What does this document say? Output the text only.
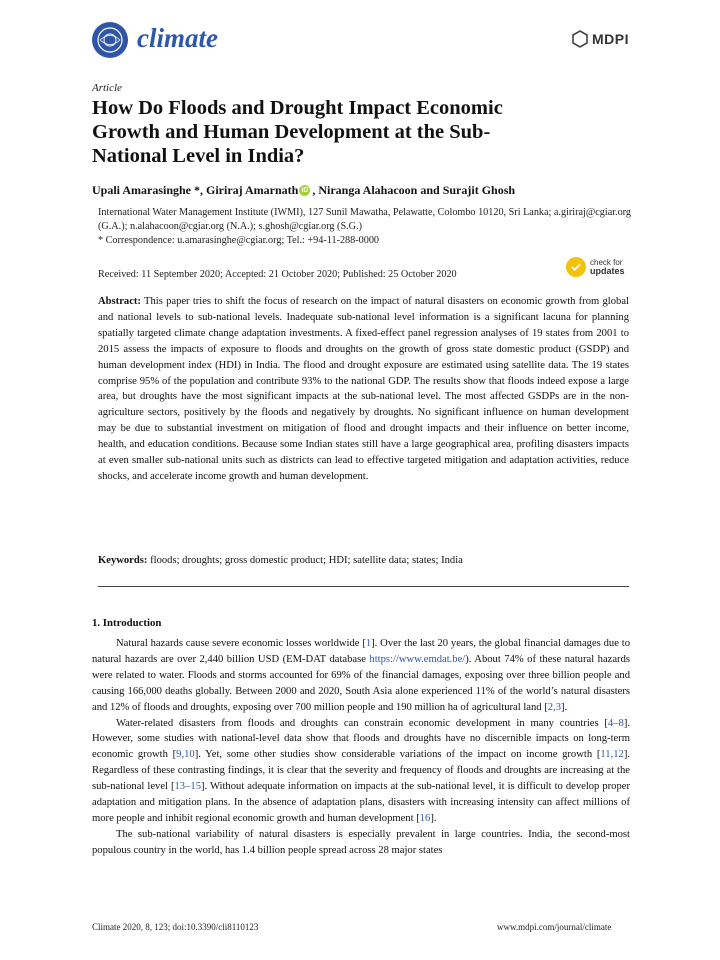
climate	MDPI
Article
How Do Floods and Drought Impact Economic Growth and Human Development at the Sub-National Level in India?
Upali Amarasinghe *,
Giriraj Amarnath iD , Niranga Alahacoon and Surajit Ghosh
International Water Management Institute (IWMI), 127 Sunil Mawatha, Pelawatte, Colombo 10120, Sri Lanka; a.giriraj@cgiar.org (G.A.); n.alahacoon@cgiar.org (N.A.); s.ghosh@cgiar.org (S.G.)
* Correspondence: u.amarasinghe@cgiar.org; Tel.: +94-11-288-0000
Received: 11 September 2020; Accepted: 21 October 2020; Published: 25 October 2020
check for
updates
Abstract: This paper tries to shift the focus of research on the impact of natural disasters on economic growth from global and national levels to sub-national levels. Inadequate sub-national level information is a significant lacuna for planning spatially targeted climate change adaptation investments. A fixed-effect panel regression analyses of 19 states from 2001 to 2015 assess the impacts of exposure to floods and droughts on the growth of gross state domestic product (GSDP) and human development index (HDI) in India. The flood and drought exposure are estimated using satellite data. The 19 states comprise 95% of the population and contribute 93% to the national GDP. The results show that floods indeed expose a large area, but droughts have the most significant impacts at the sub-national level. The most affected GSDPs are in the non-agriculture sectors, positively by the floods and negatively by droughts. No significant influence on human development may be due to substantial investment on mitigation of flood and drought impacts and their influence on better income, health, and education conditions. Because some Indian states still have a large geographical area, profiling disasters impacts at even smaller sub-national units such as districts can lead to effective targeted mitigation and adaptation activities, reduce shocks, and accelerate income growth and human development.
Keywords: floods; droughts; gross domestic product; HDI; satellite data; states; India
1. Introduction

Natural hazards cause severe economic losses worldwide [1]. Over the last 20 years, the global financial damages due to natural hazards are over 2,440 billion USD (EM-DAT database https://www.emdat.be/). About 74% of these natural hazards were related to water. Floods and storms accounted for 69% of the financial damages, exposing over three billion people and causing 166,000 deaths globally. Between 2000 and 2020, South Asia alone experienced 11% of the world’s natural disasters and 12% of floods and droughts, exposing over 700 million people and 190 million ha of agricultural land [2,3].

Water-related disasters from floods and droughts can constrain economic development in many countries [4–8]. However, some studies with national-level data show that floods and droughts have no discernible impacts on long-term economic growth [9,10]. Yet, some other studies show considerable variations of the impact on income growth [11,12]. Regardless of these contrasting findings, it is clear that the severity and frequency of floods and droughts are increasing at the sub-national level [13–15]. Without adequate information on impacts at the sub-national level, it is difficult to develop proper adaptation and mitigation plans. In the absence of adaptation plans, disasters with increasing intensity can affect millions of more people and inhibit regional economic growth and human development [16].

The sub-national variability of natural disasters is especially prevalent in large countries. India, the second-most populous country in the world, has 1.4 billion people spread across 28 major states

Climate 2020, 8, 123; doi:10.3390/cli8110123	www.mdpi.com/journal/climate
